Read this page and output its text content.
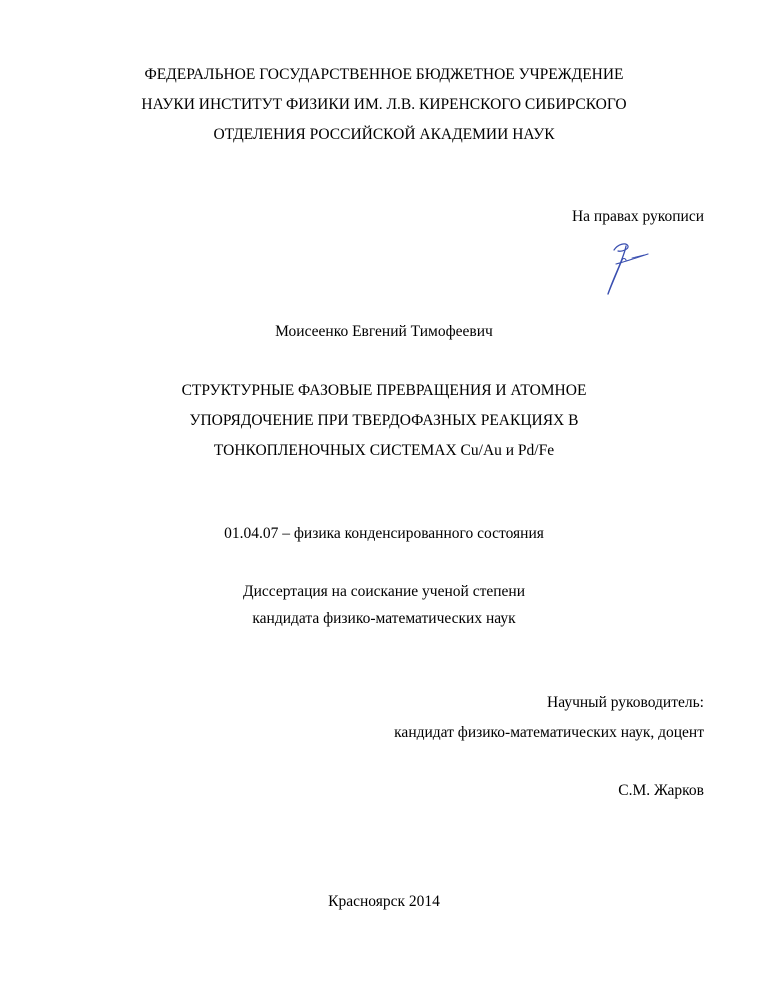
ФЕДЕРАЛЬНОЕ ГОСУДАРСТВЕННОЕ БЮДЖЕТНОЕ УЧРЕЖДЕНИЕ
НАУКИ ИНСТИТУТ ФИЗИКИ ИМ. Л.В. КИРЕНСКОГО СИБИРСКОГО
ОТДЕЛЕНИЯ РОССИЙСКОЙ АКАДЕМИИ НАУК
На правах рукописи
Моисеенко Евгений Тимофеевич
СТРУКТУРНЫЕ ФАЗОВЫЕ ПРЕВРАЩЕНИЯ И АТОМНОЕ
УПОРЯДОЧЕНИЕ ПРИ ТВЕРДОФАЗНЫХ РЕАКЦИЯХ В
ТОНКОПЛЕНОЧНЫХ СИСТЕМАХ Cu/Au и Pd/Fe
01.04.07 – физика конденсированного состояния
Диссертация на соискание ученой степени
кандидата физико-математических наук
Научный руководитель:
кандидат физико-математических наук, доцент
С.М. Жарков
Красноярск 2014
